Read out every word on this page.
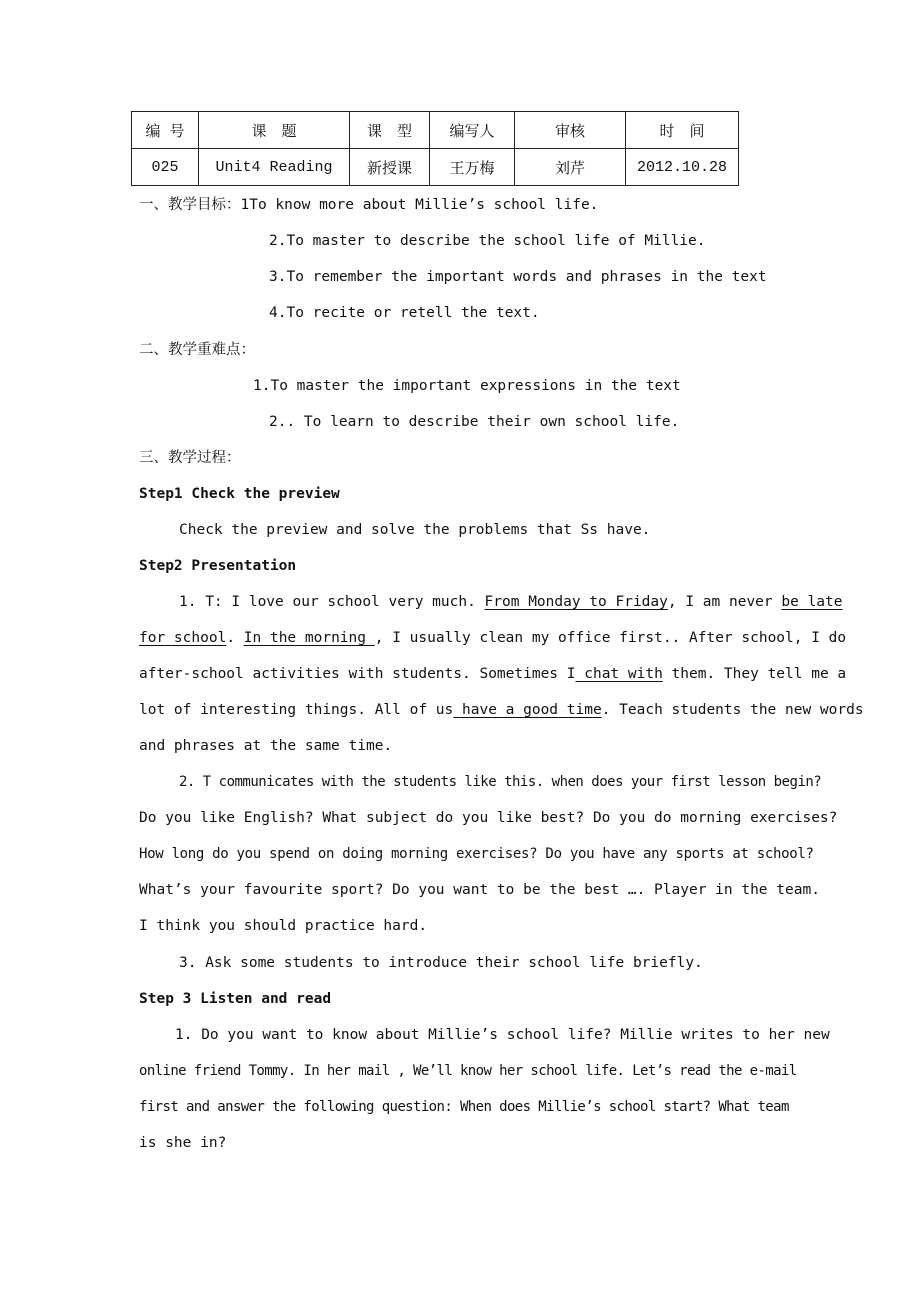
编 号	课　题	课　型	编写人	审核	时　间
025	Unit4 Reading	新授课	王万梅	刘芹	2012.10.28
一、教学目标：1To know more about Millie’s school life.
2.To master to describe the school life of Millie.
3.To remember the important words and phrases in the text
4.To recite or retell the text.
二、教学重难点：
1.To master the important expressions in the text
2.. To learn to describe their own school life.
三、教学过程：
Step1 Check the preview
Check the preview and solve the problems that Ss have.
Step2 Presentation
1. T: I love our school very much. From Monday to Friday, I am never be late
for school. In the morning , I usually clean my office first.. After school, I do
after-school activities with students. Sometimes I chat with them. They tell me a
lot of interesting things. All of us have a good time. Teach students the new words
and phrases at the same time.
2. T communicates with the students like this. when does your first lesson begin?
Do you like English? What subject do you like best? Do you do morning exercises?
How long do you spend on doing morning exercises? Do you have any sports at school?
What’s your favourite sport? Do you want to be the best …. Player in the team.
I think you should practice hard.
3. Ask some students to introduce their school life briefly.
Step 3 Listen and read
1. Do you want to know about Millie’s school life? Millie writes to her new
online friend Tommy. In her mail , We’ll know her school life. Let’s read the e-mail
first and answer the following question: When does Millie’s school start? What team
is she in?
